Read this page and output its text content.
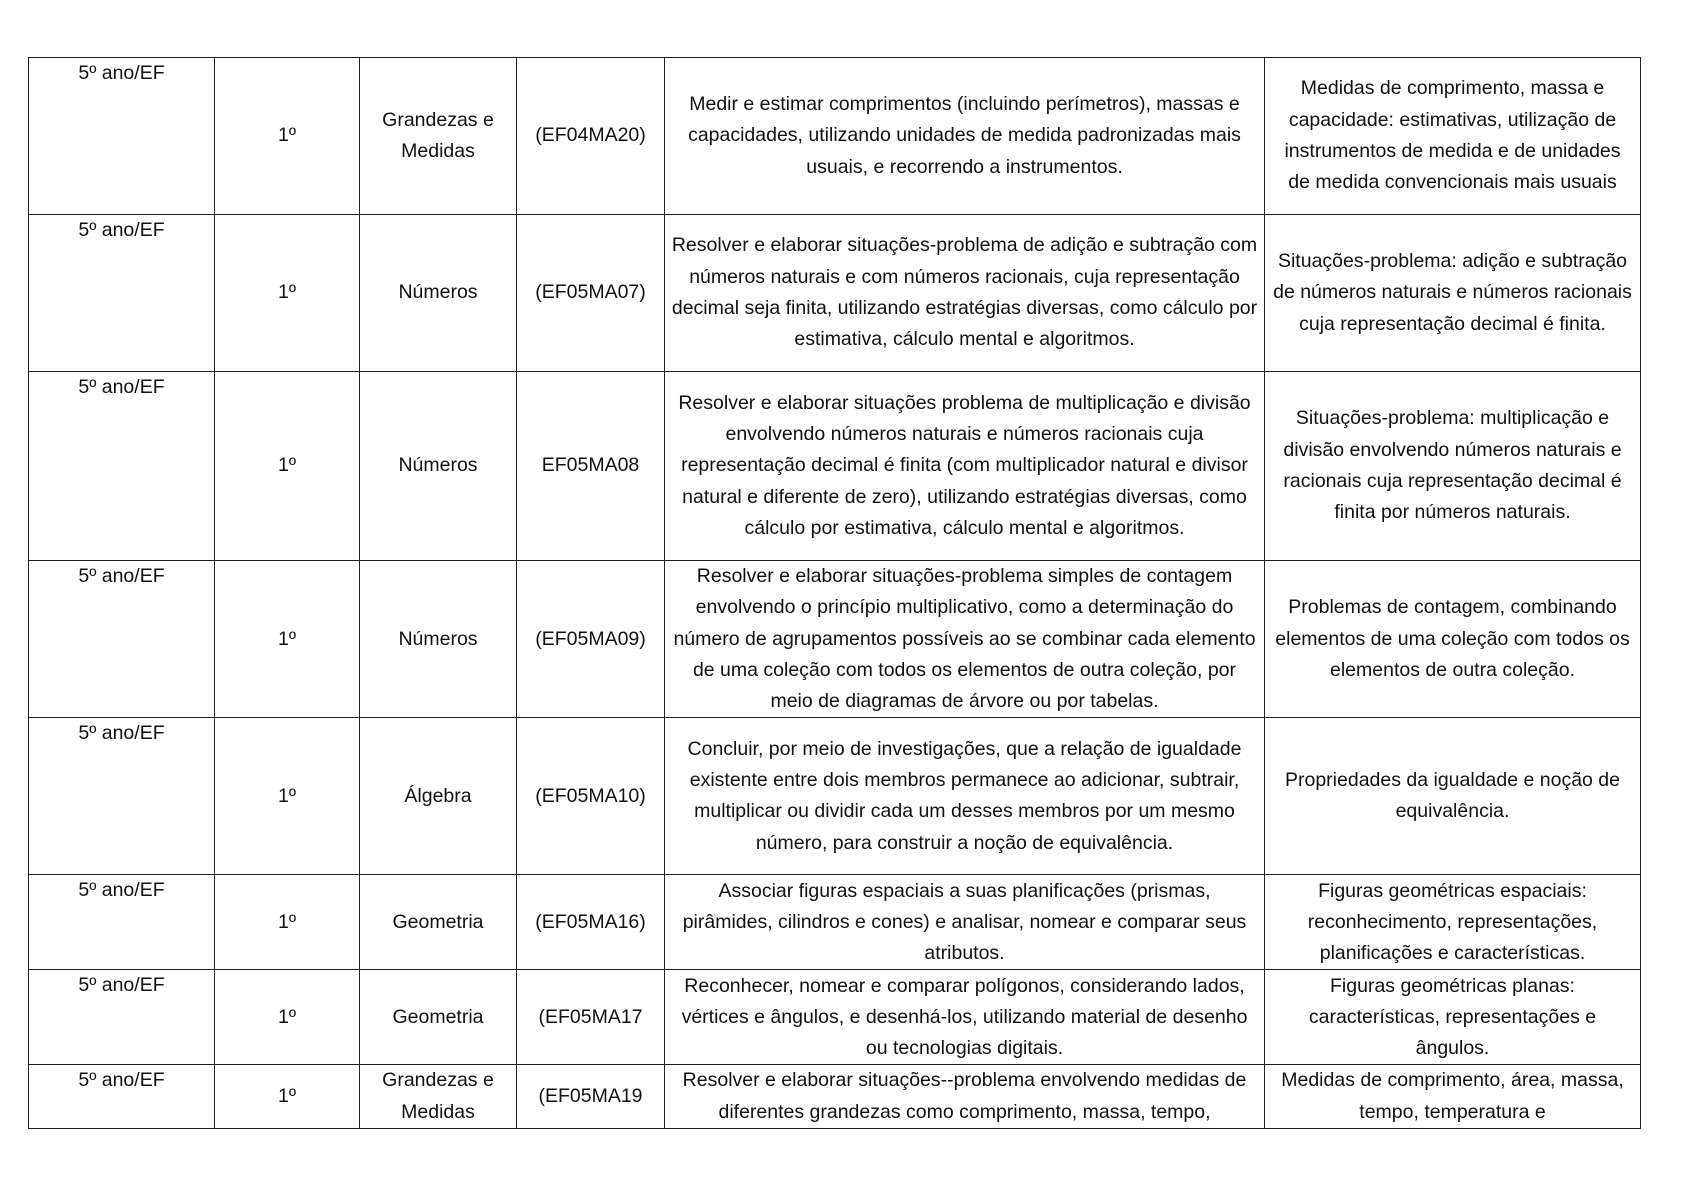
5º ano/EF	1º	Grandezas e Medidas	(EF04MA20)	Medir e estimar comprimentos (incluindo perímetros), massas e capacidades, utilizando unidades de medida padronizadas mais usuais, e recorrendo a instrumentos.	Medidas de comprimento, massa e capacidade: estimativas, utilização de instrumentos de medida e de unidades de medida convencionais mais usuais
5º ano/EF	1º	Números	(EF05MA07)	Resolver e elaborar situações-problema de adição e subtração com números naturais e com números racionais, cuja representação decimal seja finita, utilizando estratégias diversas, como cálculo por estimativa, cálculo mental e algoritmos.	Situações-problema: adição e subtração de números naturais e números racionais cuja representação decimal é finita.
5º ano/EF	1º	Números	EF05MA08	Resolver e elaborar situações problema de multiplicação e divisão envolvendo números naturais e números racionais cuja representação decimal é finita (com multiplicador natural e divisor natural e diferente de zero), utilizando estratégias diversas, como cálculo por estimativa, cálculo mental e algoritmos.	Situações-problema: multiplicação e divisão envolvendo números naturais e racionais cuja representação decimal é finita por números naturais.
5º ano/EF	1º	Números	(EF05MA09)	Resolver e elaborar situações-problema simples de contagem envolvendo o princípio multiplicativo, como a determinação do número de agrupamentos possíveis ao se combinar cada elemento de uma coleção com todos os elementos de outra coleção, por meio de diagramas de árvore ou por tabelas.	Problemas de contagem, combinando elementos de uma coleção com todos os elementos de outra coleção.
5º ano/EF	1º	Álgebra	(EF05MA10)	Concluir, por meio de investigações, que a relação de igualdade existente entre dois membros permanece ao adicionar, subtrair, multiplicar ou dividir cada um desses membros por um mesmo número, para construir a noção de equivalência.	Propriedades da igualdade e noção de equivalência.
5º ano/EF	1º	Geometria	(EF05MA16)	Associar figuras espaciais a suas planificações (prismas, pirâmides, cilindros e cones) e analisar, nomear e comparar seus atributos.	Figuras geométricas espaciais: reconhecimento, representações, planificações e características.
5º ano/EF	1º	Geometria	(EF05MA17	Reconhecer, nomear e comparar polígonos, considerando lados, vértices e ângulos, e desenhá-los, utilizando material de desenho ou tecnologias digitais.	Figuras geométricas planas: características, representações e ângulos.
5º ano/EF	1º	Grandezas e Medidas	(EF05MA19	Resolver e elaborar situações--problema envolvendo medidas de diferentes grandezas como comprimento, massa, tempo,	Medidas de comprimento, área, massa, tempo, temperatura e
